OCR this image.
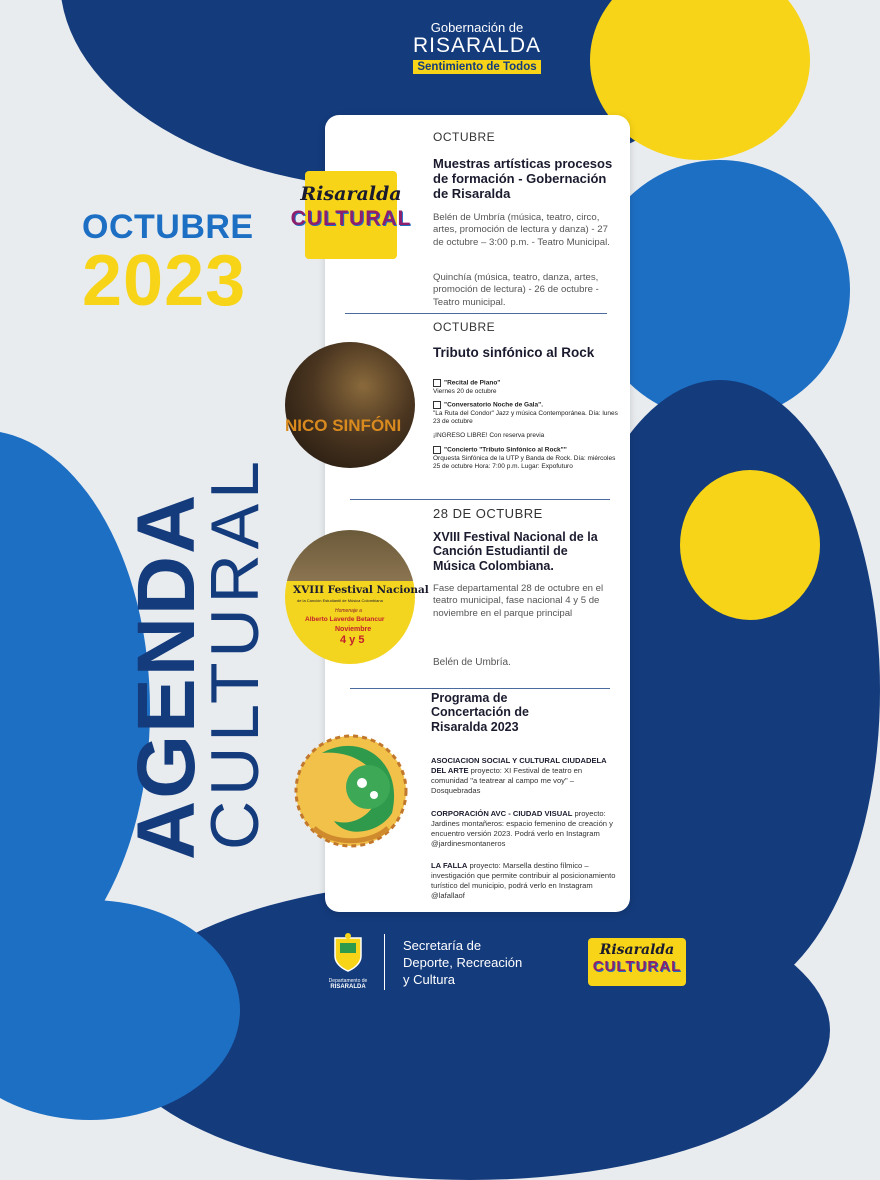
Gobernación de
RISARALDA
Sentimiento de Todos
OCTUBRE
2023
AGENDA
CULTURAL
Risaralda
CULTURAL
OCTUBRE
Muestras artísticas procesos de formación - Gobernación de Risaralda
Belén de Umbría (música, teatro, circo, artes, promoción de lectura y danza) - 27 de octubre – 3:00 p.m. - Teatro Municipal.
Quinchía (música, teatro, danza, artes, promoción de lectura) - 26 de octubre - Teatro municipal.
NICO SINFÓNI
OCTUBRE
Tributo sinfónico al Rock
"Recital de Piano"
Viernes 20 de octubre
"Conversatorio Noche de Gala".
"La Ruta del Condor" Jazz y música Contemporánea. Día: lunes 23 de octubre
¡INGRESO LIBRE! Con reserva previa
"Concierto "Tributo Sinfónico al Rock""
Orquesta Sinfónica de la UTP y Banda de Rock. Día: miércoles 25 de octubre Hora: 7:00 p.m. Lugar: Expofuturo
XVIII Festival Nacional
de la Canción Estudiantil de Música Colombiana
Homenaje a
Alberto Laverde Betancur
Noviembre
4 y 5
28 DE OCTUBRE
XVIII Festival Nacional de la Canción Estudiantil de Música Colombiana.
Fase departamental 28 de octubre en el teatro municipal, fase nacional 4 y 5 de noviembre en el parque principal
Belén de Umbría.
Programa de Concertación de Risaralda 2023
ASOCIACION SOCIAL Y CULTURAL CIUDADELA DEL ARTE proyecto: XI Festival de teatro en comunidad "a teatrear al campo me voy" – Dosquebradas
CORPORACIÓN AVC - CIUDAD VISUAL proyecto: Jardines montañeros: espacio femenino de creación y encuentro versión 2023. Podrá verlo en Instagram @jardinesmontaneros
LA FALLA proyecto: Marsella destino fílmico – investigación que permite contribuir al posicionamiento turístico del municipio, podrá verlo en Instagram @lafallaof
Departamento de
RISARALDA
Secretaría de
Deporte, Recreación
y Cultura
Risaralda
CULTURAL
